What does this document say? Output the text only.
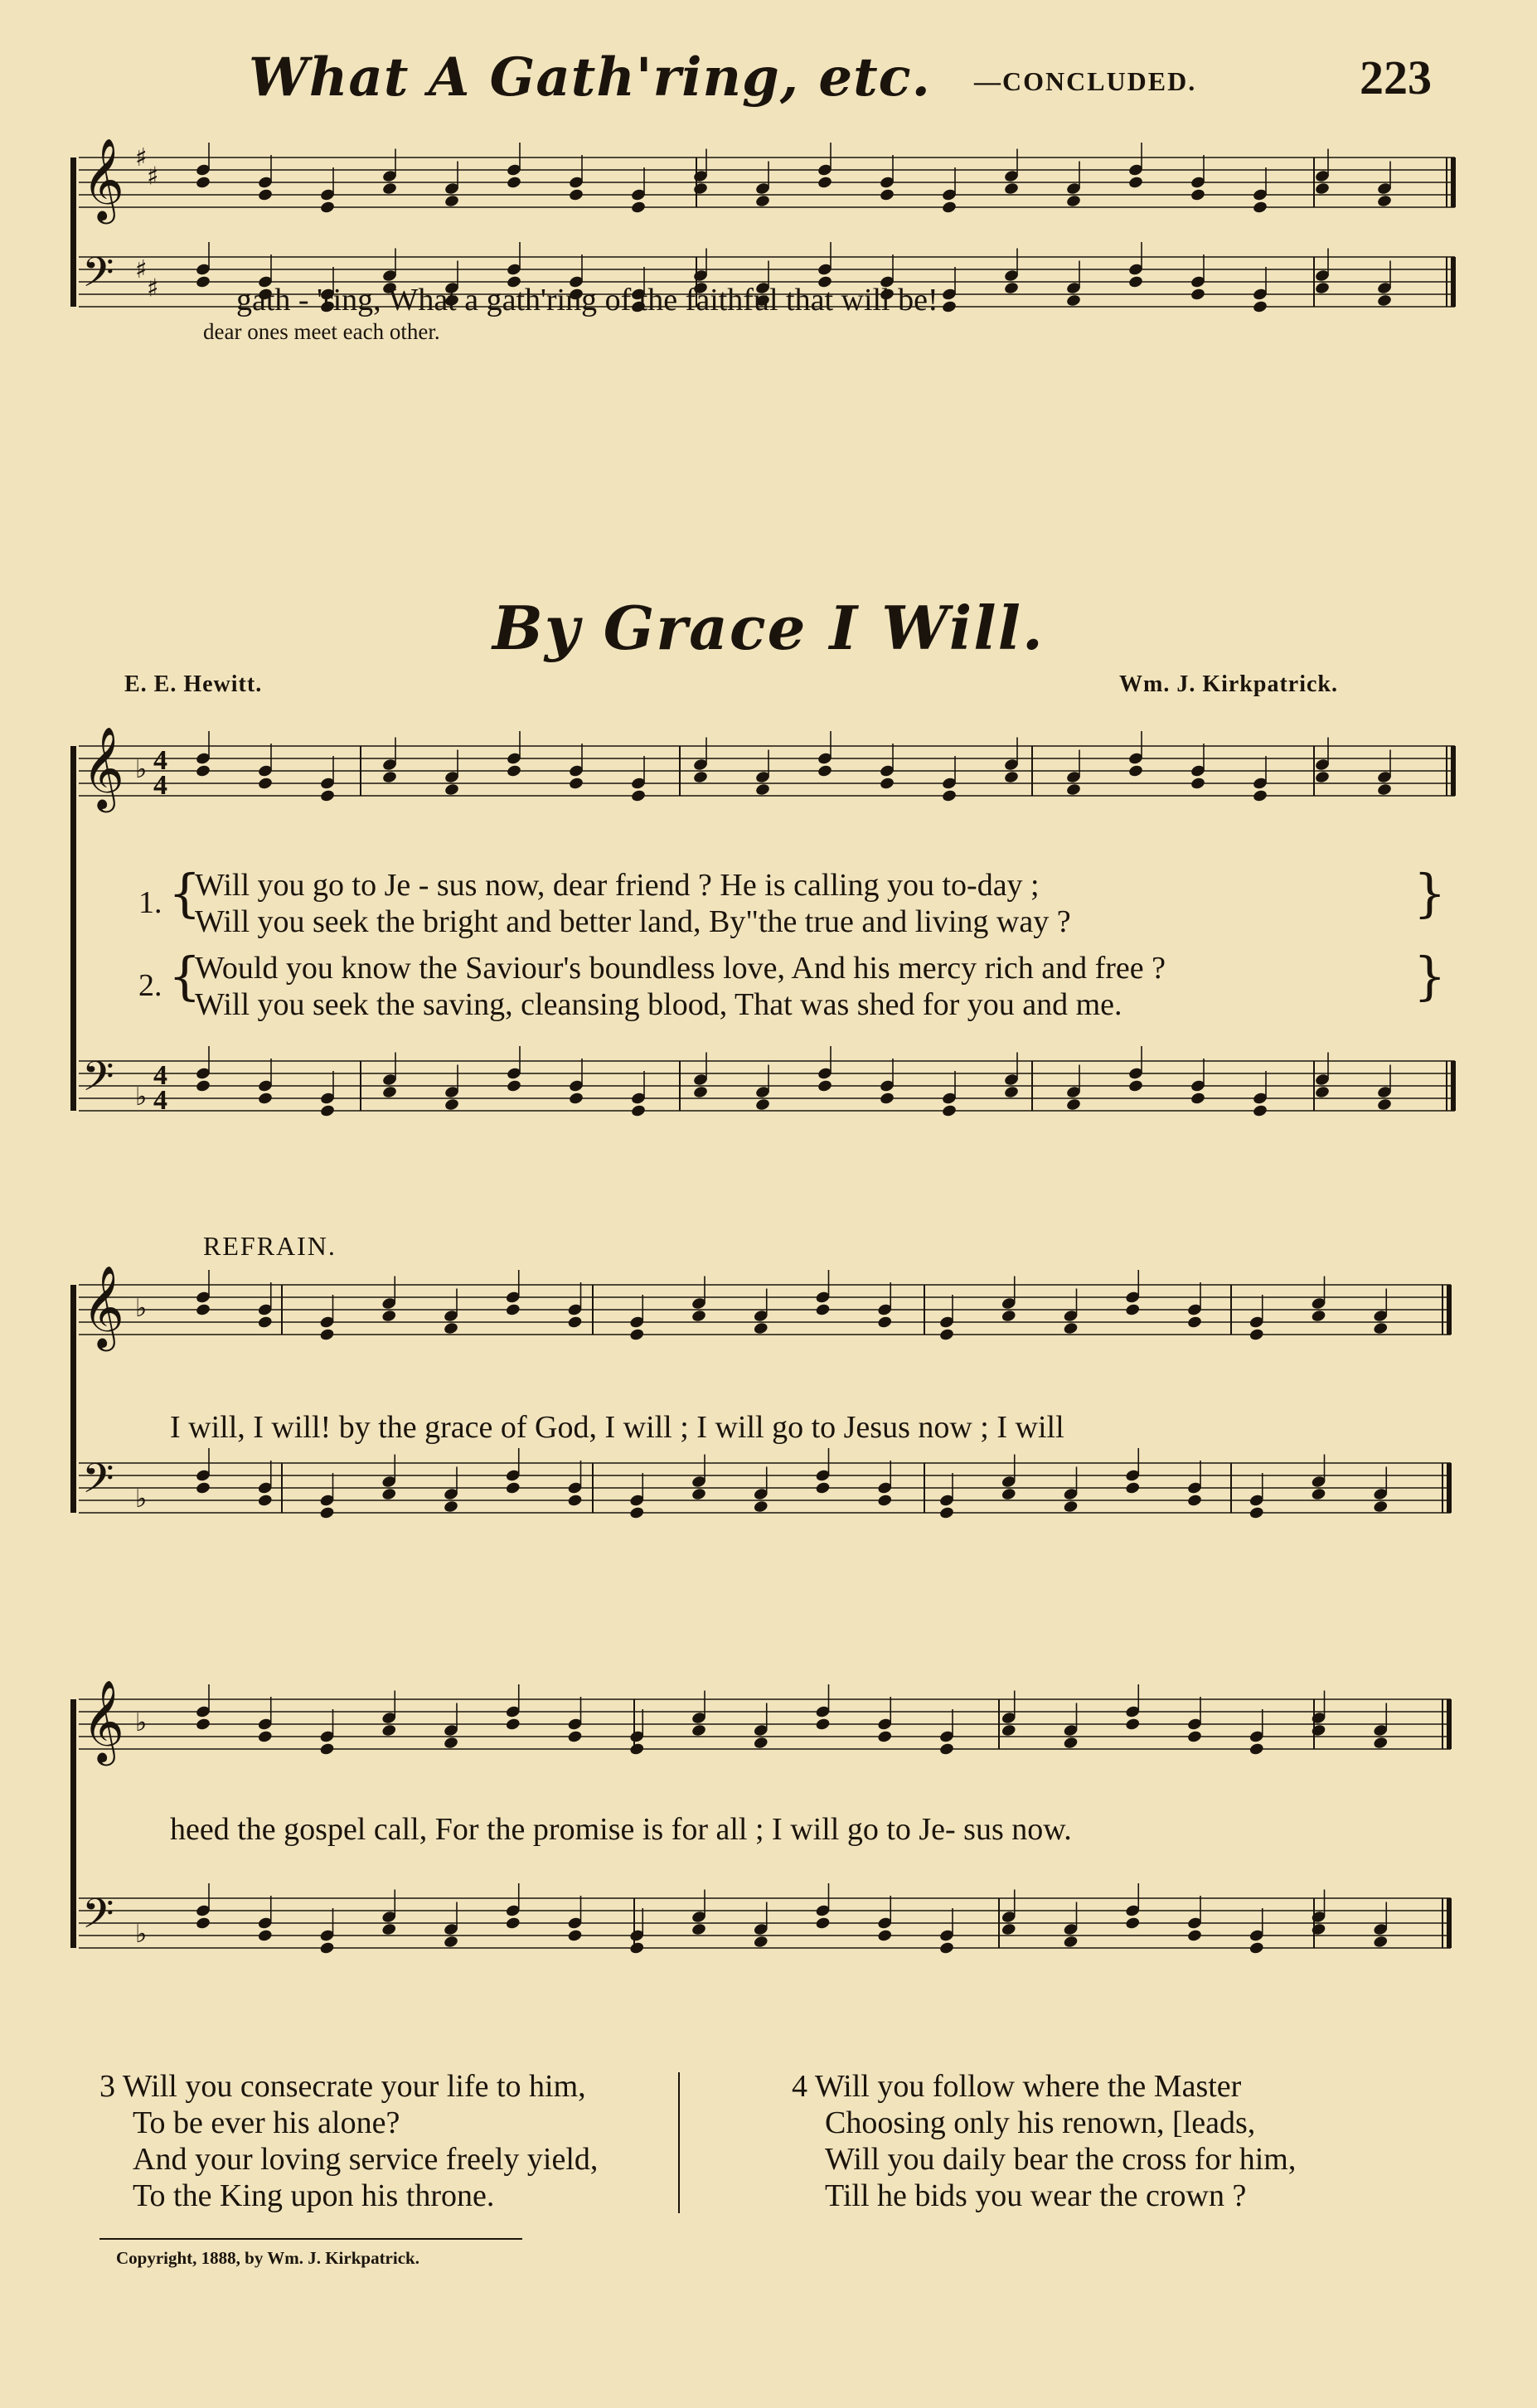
What A Gath'ring, etc. —CONCLUDED.	223
𝄞 ♯
♯
𝄢 ♯
♯ gath - 'ring, What a gath'ring of the faithful that will be!
dear ones meet each other.
By Grace I Will.
E. E. Hewitt.	Wm. J. Kirkpatrick.
𝄞 ♭ 4
4
𝄢 ♭
4
4
1. {
Will you go to Je - sus now, dear friend ? He is calling you to-day ;
Will you seek the bright and better land, By"the true and living way ?	}
2. {
Would you know the Saviour's boundless love, And his mercy rich and free ?
Will you seek the saving, cleansing blood, That was shed for you and me.	}
REFRAIN.
𝄞 ♭
𝄢 ♭
I will, I will! by the grace of God, I will ; I will go to Jesus now ; I will
𝄞 ♭
𝄢 ♭
heed the gospel call, For the promise is for all ; I will go to Je- sus now.
3 Will you consecrate your life to him,
To be ever his alone?
And your loving service freely yield,
To the King upon his throne.
4 Will you follow where the Master
Choosing only his renown, [leads,
Will you daily bear the cross for him,
Till he bids you wear the crown ?
Copyright, 1888, by Wm. J. Kirkpatrick.
